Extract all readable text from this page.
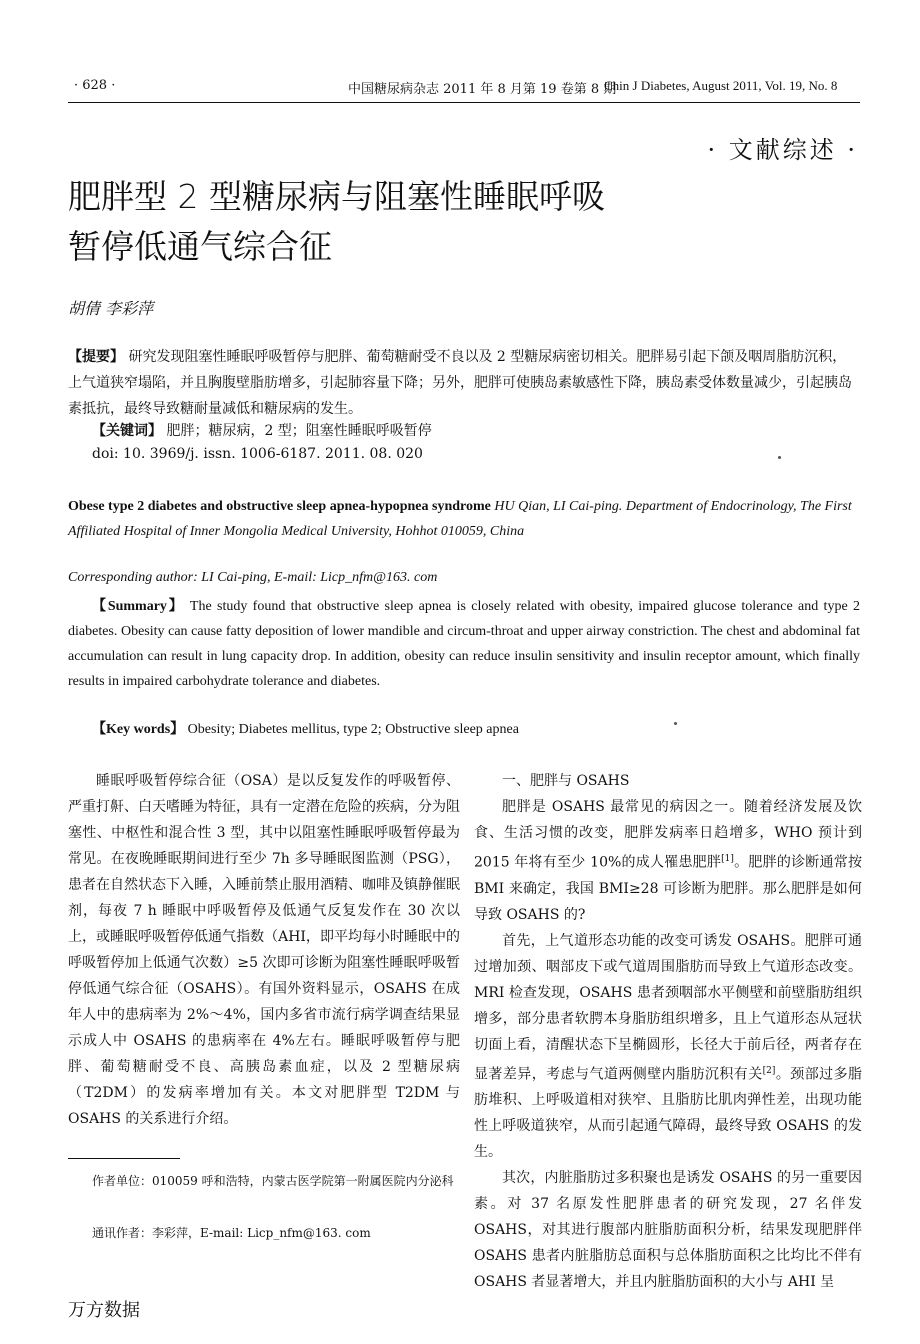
· 628 ·	中国糖尿病杂志 2011 年 8 月第 19 卷第 8 期
Chin J Diabetes, August 2011, Vol. 19, No. 8
· 文献综述 ·
肥胖型 2 型糖尿病与阻塞性睡眠呼吸
暂停低通气综合征
胡倩 李彩萍
【提要】 研究发现阻塞性睡眠呼吸暂停与肥胖、葡萄糖耐受不良以及 2 型糖尿病密切相关。肥胖易引起下颌及咽周脂肪沉积，上气道狭窄塌陷，并且胸腹壁脂肪增多，引起肺容量下降；另外，肥胖可使胰岛素敏感性下降，胰岛素受体数量减少，引起胰岛素抵抗，最终导致糖耐量减低和糖尿病的发生。
【关键词】 肥胖；糖尿病，2 型；阻塞性睡眠呼吸暂停
doi: 10. 3969/j. issn. 1006-6187. 2011. 08. 020
Obese type 2 diabetes and obstructive sleep apnea-hypopnea syndrome HU Qian, LI Cai-ping. Department of Endocrinology, The First Affiliated Hospital of Inner Mongolia Medical University, Hohhot 010059, China
Corresponding author: LI Cai-ping, E-mail: Licp_nfm@163. com
【Summary】 The study found that obstructive sleep apnea is closely related with obesity, impaired glucose tolerance and type 2 diabetes. Obesity can cause fatty deposition of lower mandible and circum-throat and upper airway constriction. The chest and abdominal fat accumulation can result in lung capacity drop. In addition, obesity can reduce insulin sensitivity and insulin receptor amount, which finally results in impaired carbohydrate tolerance and diabetes.
【Key words】 Obesity; Diabetes mellitus, type 2; Obstructive sleep apnea

睡眠呼吸暂停综合征（OSA）是以反复发作的呼吸暂停、严重打鼾、白天嗜睡为特征，具有一定潜在危险的疾病，分为阻塞性、中枢性和混合性 3 型，其中以阻塞性睡眠呼吸暂停最为常见。在夜晚睡眠期间进行至少 7h 多导睡眠图监测（PSG），患者在自然状态下入睡，入睡前禁止服用酒精、咖啡及镇静催眠剂，每夜 7 h 睡眠中呼吸暂停及低通气反复发作在 30 次以上，或睡眠呼吸暂停低通气指数（AHI，即平均每小时睡眠中的呼吸暂停加上低通气次数）≥5 次即可诊断为阻塞性睡眠呼吸暂停低通气综合征（OSAHS）。有国外资料显示，OSAHS 在成年人中的患病率为 2%～4%，国内多省市流行病学调查结果显示成人中 OSAHS 的患病率在 4%左右。睡眠呼吸暂停与肥胖、葡萄糖耐受不良、高胰岛素血症，以及 2 型糖尿病（T2DM）的发病率增加有关。本文对肥胖型 T2DM 与 OSAHS 的关系进行介绍。

一、肥胖与 OSAHS

肥胖是 OSAHS 最常见的病因之一。随着经济发展及饮食、生活习惯的改变，肥胖发病率日趋增多，WHO 预计到 2015 年将有至少 10%的成人罹患肥胖[1]。肥胖的诊断通常按 BMI 来确定，我国 BMI≥28 可诊断为肥胖。那么肥胖是如何导致 OSAHS 的?

首先，上气道形态功能的改变可诱发 OSAHS。肥胖可通过增加颈、咽部皮下或气道周围脂肪而导致上气道形态改变。MRI 检查发现，OSAHS 患者颈咽部水平侧壁和前壁脂肪组织增多，部分患者软腭本身脂肪组织增多，且上气道形态从冠状切面上看，清醒状态下呈椭圆形，长径大于前后径，两者存在显著差异，考虑与气道两侧壁内脂肪沉积有关[2]。颈部过多脂肪堆积、上呼吸道相对狭窄、且脂肪比肌肉弹性差，出现功能性上呼吸道狭窄，从而引起通气障碍，最终导致 OSAHS 的发生。

其次，内脏脂肪过多积聚也是诱发 OSAHS 的另一重要因素。对 37 名原发性肥胖患者的研究发现，27 名伴发 OSAHS，对其进行腹部内脏脂肪面积分析，结果发现肥胖伴 OSAHS 患者内脏脂肪总面积与总体脂肪面积之比均比不伴有 OSAHS 者显著增大，并且内脏脂肪面积的大小与 AHI 呈

作者单位：010059 呼和浩特，内蒙古医学院第一附属医院内分泌科
通讯作者：李彩萍，E-mail: Licp_nfm@163. com
万方数据
